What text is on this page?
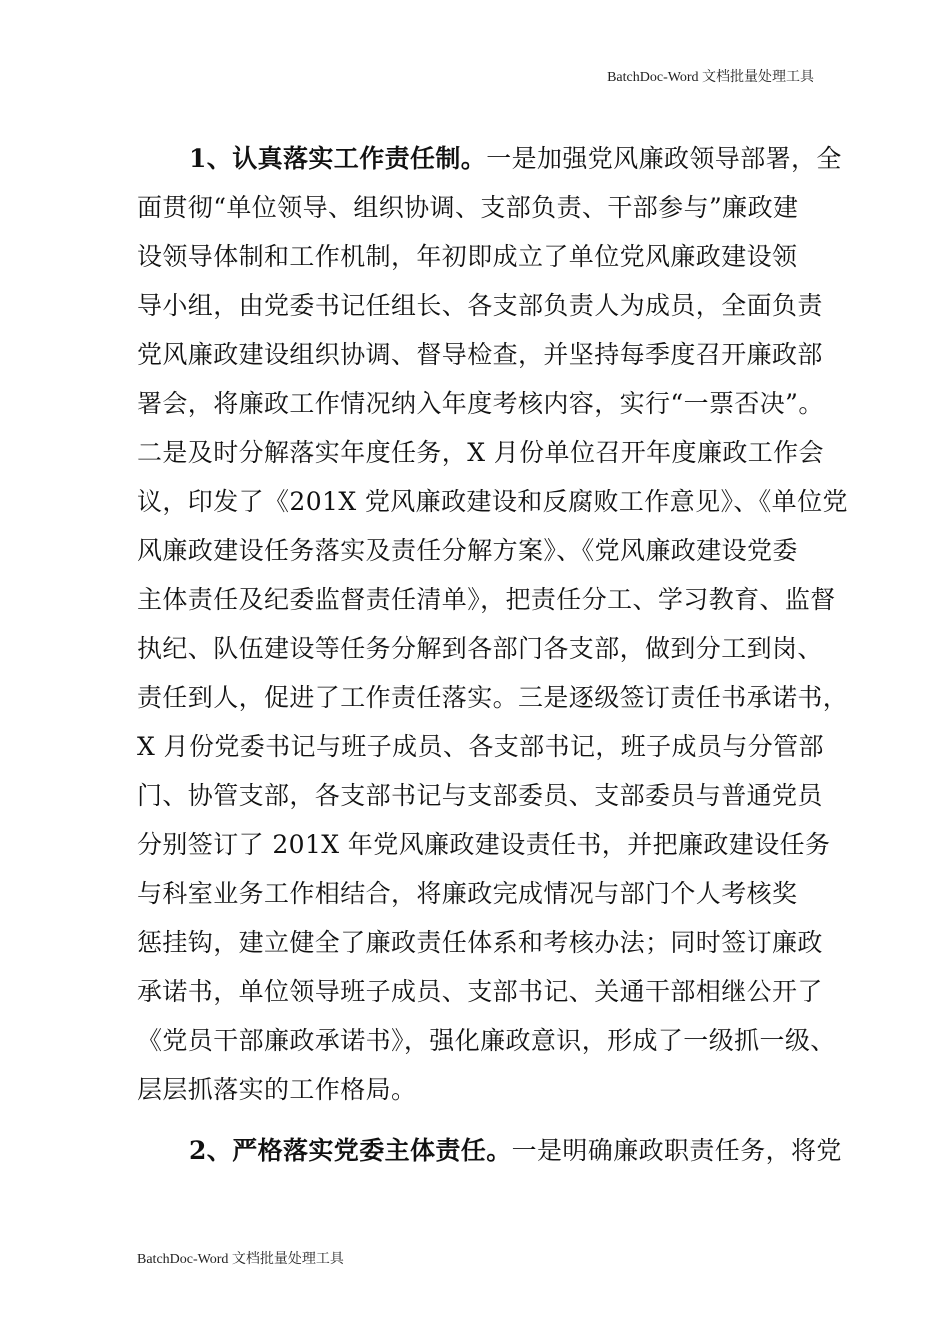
BatchDoc-Word 文档批量处理工具
1、认真落实工作责任制。一是加强党风廉政领导部署，全
面贯彻“单位领导、组织协调、支部负责、干部参与”廉政建
设领导体制和工作机制，年初即成立了单位党风廉政建设领
导小组，由党委书记任组长、各支部负责人为成员，全面负责
党风廉政建设组织协调、督导检查，并坚持每季度召开廉政部
署会，将廉政工作情况纳入年度考核内容，实行“一票否决”。
二是及时分解落实年度任务，X 月份单位召开年度廉政工作会
议，印发了《201X 党风廉政建设和反腐败工作意见》、《单位党
风廉政建设任务落实及责任分解方案》、《党风廉政建设党委
主体责任及纪委监督责任清单》，把责任分工、学习教育、监督
执纪、队伍建设等任务分解到各部门各支部，做到分工到岗、
责任到人，促进了工作责任落实。三是逐级签订责任书承诺书，
X 月份党委书记与班子成员、各支部书记，班子成员与分管部
门、协管支部，各支部书记与支部委员、支部委员与普通党员
分别签订了 201X 年党风廉政建设责任书，并把廉政建设任务
与科室业务工作相结合，将廉政完成情况与部门个人考核奖
惩挂钩，建立健全了廉政责任体系和考核办法；同时签订廉政
承诺书，单位领导班子成员、支部书记、关通干部相继公开了
《党员干部廉政承诺书》，强化廉政意识，形成了一级抓一级、
层层抓落实的工作格局。
2、严格落实党委主体责任。一是明确廉政职责任务，将党
BatchDoc-Word 文档批量处理工具
